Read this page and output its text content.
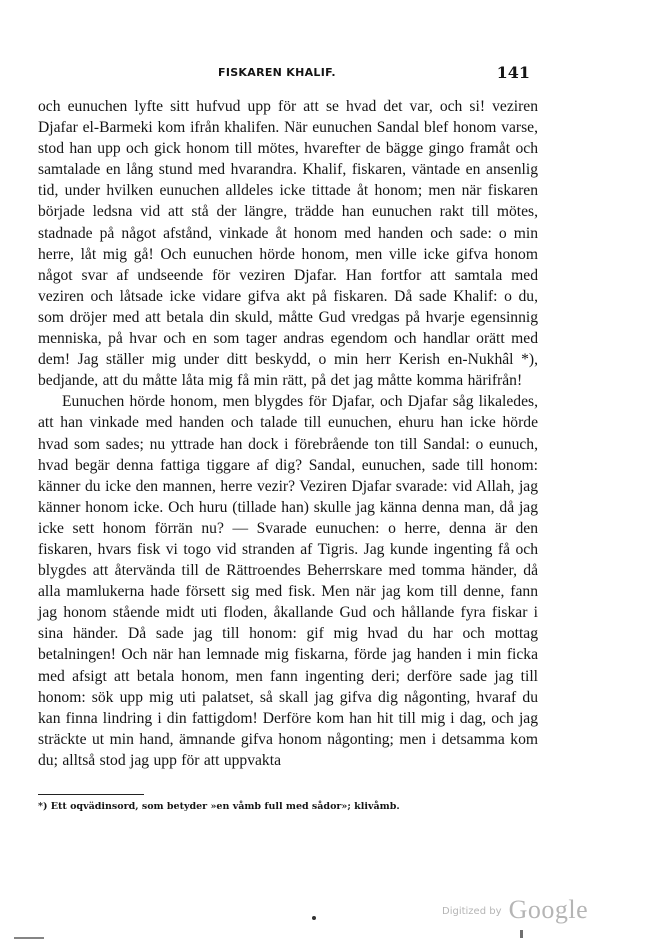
FISKAREN KHALIF.	141

och eunuchen lyfte sitt hufvud upp för att se hvad det var, och si! veziren Djafar el-Barmeki kom ifrån khalifen. När eunuchen Sandal blef honom varse, stod han upp och gick honom till mötes, hvarefter de bägge gingo framåt och samtalade en lång stund med hvarandra. Khalif, fiskaren, väntade en ansenlig tid, under hvilken eunuchen alldeles icke tittade åt honom; men när fiskaren började ledsna vid att stå der längre, trädde han eunuchen rakt till mötes, stadnade på något afstånd, vinkade åt honom med handen och sade: o min herre, låt mig gå! Och eunuchen hörde honom, men ville icke gifva honom något svar af undseende för veziren Djafar. Han fortfor att samtala med veziren och låtsade icke vidare gifva akt på fiskaren. Då sade Khalif: o du, som dröjer med att betala din skuld, måtte Gud vredgas på hvarje egensinnig menniska, på hvar och en som tager andras egendom och handlar orätt med dem! Jag ställer mig under ditt beskydd, o min herr Kerish en-Nukhâl *), bedjande, att du måtte låta mig få min rätt, på det jag måtte komma härifrån!

Eunuchen hörde honom, men blygdes för Djafar, och Djafar såg likaledes, att han vinkade med handen och talade till eunuchen, ehuru han icke hörde hvad som sades; nu yttrade han dock i förebrående ton till Sandal: o eunuch, hvad begär denna fattiga tiggare af dig? Sandal, eunuchen, sade till honom: känner du icke den mannen, herre vezir? Veziren Djafar svarade: vid Allah, jag känner honom icke. Och huru (tillade han) skulle jag känna denna man, då jag icke sett honom förrän nu? — Svarade eunuchen: o herre, denna är den fiskaren, hvars fisk vi togo vid stranden af Tigris. Jag kunde ingenting få och blygdes att återvända till de Rättroendes Beherrskare med tomma händer, då alla mamlukerna hade försett sig med fisk. Men när jag kom till denne, fann jag honom stående midt uti floden, åkallande Gud och hållande fyra fiskar i sina händer. Då sade jag till honom: gif mig hvad du har och mottag betalningen! Och när han lemnade mig fiskarna, förde jag handen i min ficka med afsigt att betala honom, men fann ingenting deri; derföre sade jag till honom: sök upp mig uti palatset, så skall jag gifva dig någonting, hvaraf du kan finna lindring i din fattigdom! Derföre kom han hit till mig i dag, och jag sträckte ut min hand, ämnande gifva honom någonting; men i detsamma kom du; alltså stod jag upp för att uppvakta

*) Ett oqvädinsord, som betyder »en våmb full med sådor»; klivåmb.
$^{Digitized by}$ Google
